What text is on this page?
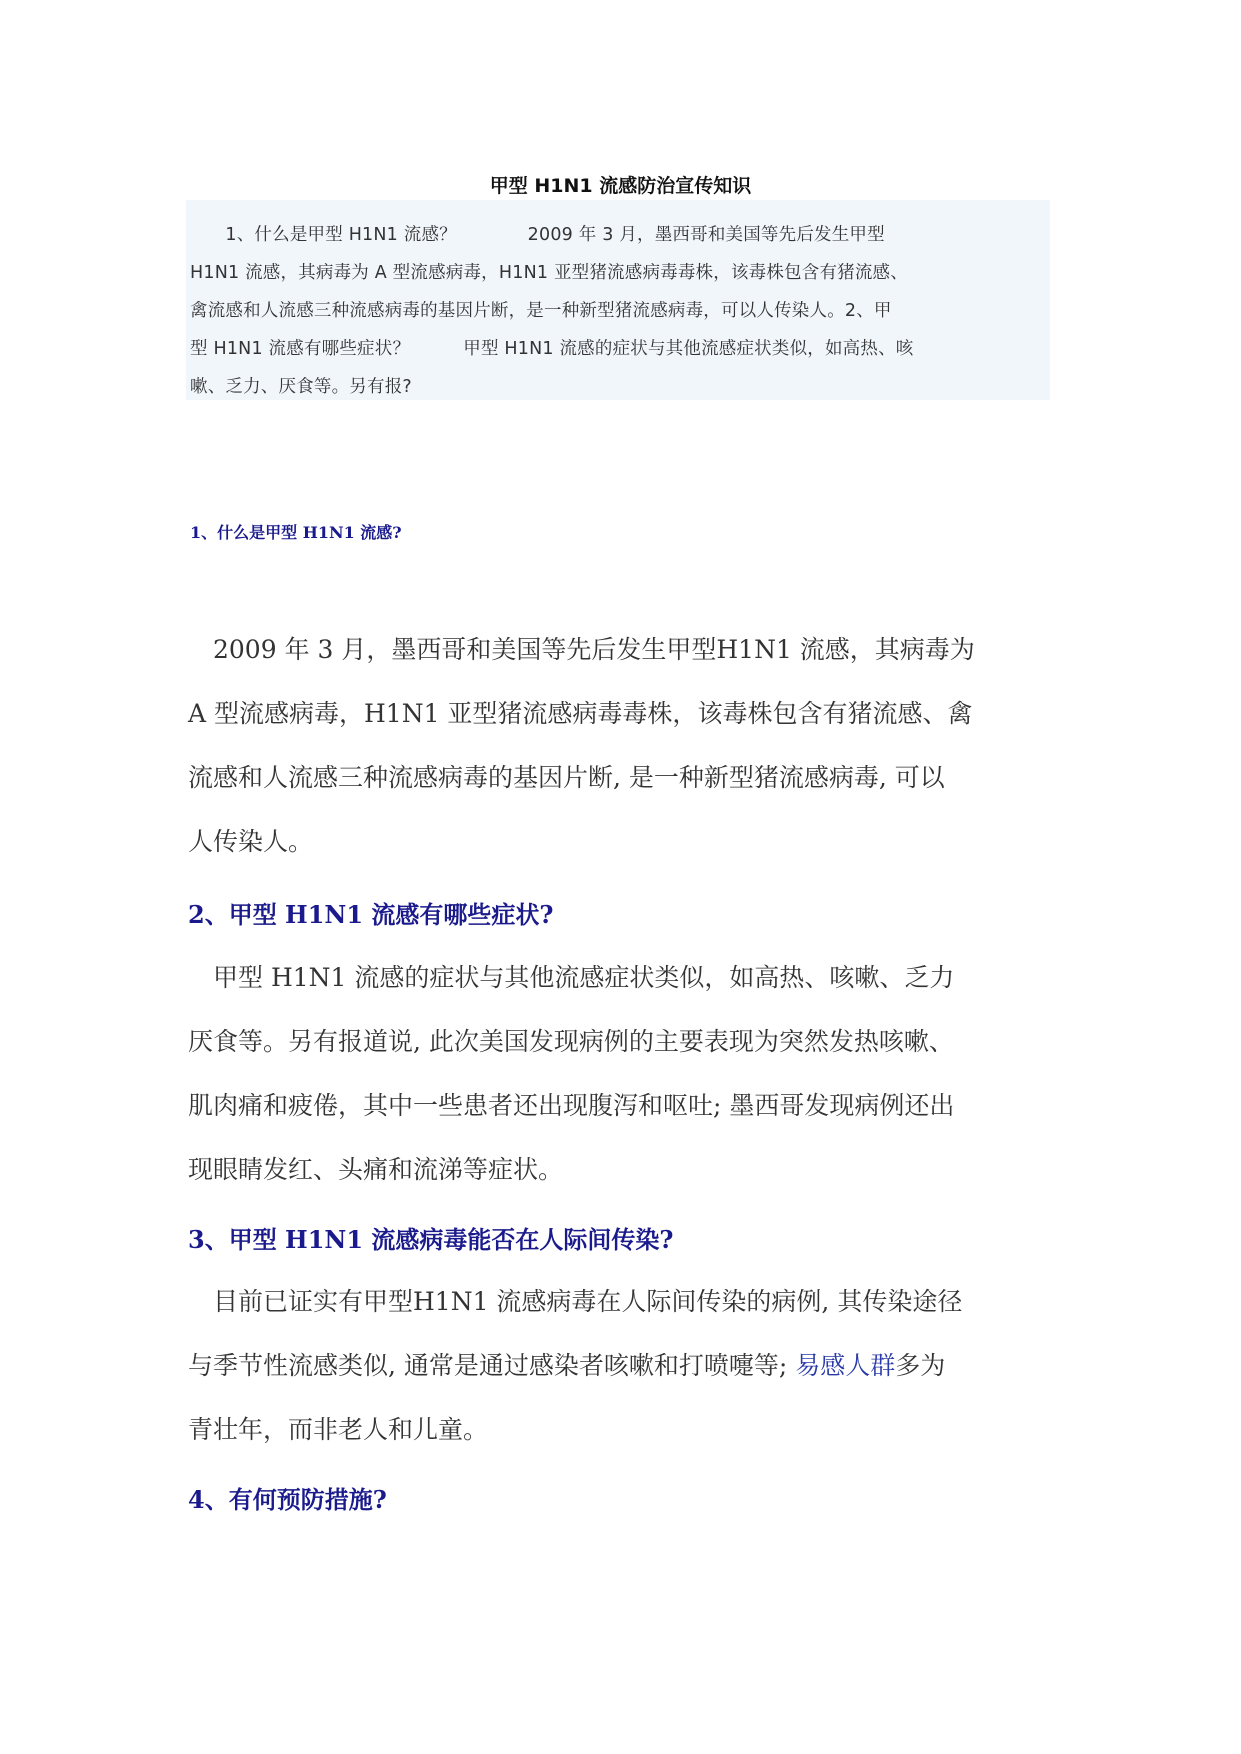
甲型 H1N1 流感防治宣传知识
　　1、什么是甲型 H1N1 流感？　　　　2009 年 3 月，墨西哥和美国等先后发生甲型
H1N1 流感，其病毒为 A 型流感病毒，H1N1 亚型猪流感病毒毒株，该毒株包含有猪流感、
禽流感和人流感三种流感病毒的基因片断，是一种新型猪流感病毒，可以人传染人。2、甲
型 H1N1 流感有哪些症状？　　　甲型 H1N1 流感的症状与其他流感症状类似，如高热、咳
嗽、乏力、厌食等。另有报?
1、什么是甲型 H1N1 流感?
　2009 年 3 月，墨西哥和美国等先后发生甲型H1N1 流感，其病毒为
A 型流感病毒，H1N1 亚型猪流感病毒毒株，该毒株包含有猪流感、禽
流感和人流感三种流感病毒的基因片断, 是一种新型猪流感病毒, 可以
人传染人。
2、甲型 H1N1 流感有哪些症状?
　甲型 H1N1 流感的症状与其他流感症状类似，如高热、咳嗽、乏力
厌食等。另有报道说, 此次美国发现病例的主要表现为突然发热咳嗽、
肌肉痛和疲倦，其中一些患者还出现腹泻和呕吐; 墨西哥发现病例还出
现眼睛发红、头痛和流涕等症状。
3、甲型 H1N1 流感病毒能否在人际间传染?
　目前已证实有甲型H1N1 流感病毒在人际间传染的病例, 其传染途径
与季节性流感类似, 通常是通过感染者咳嗽和打喷嚏等; 易感人群多为
青壮年，而非老人和儿童。
4、有何预防措施?
